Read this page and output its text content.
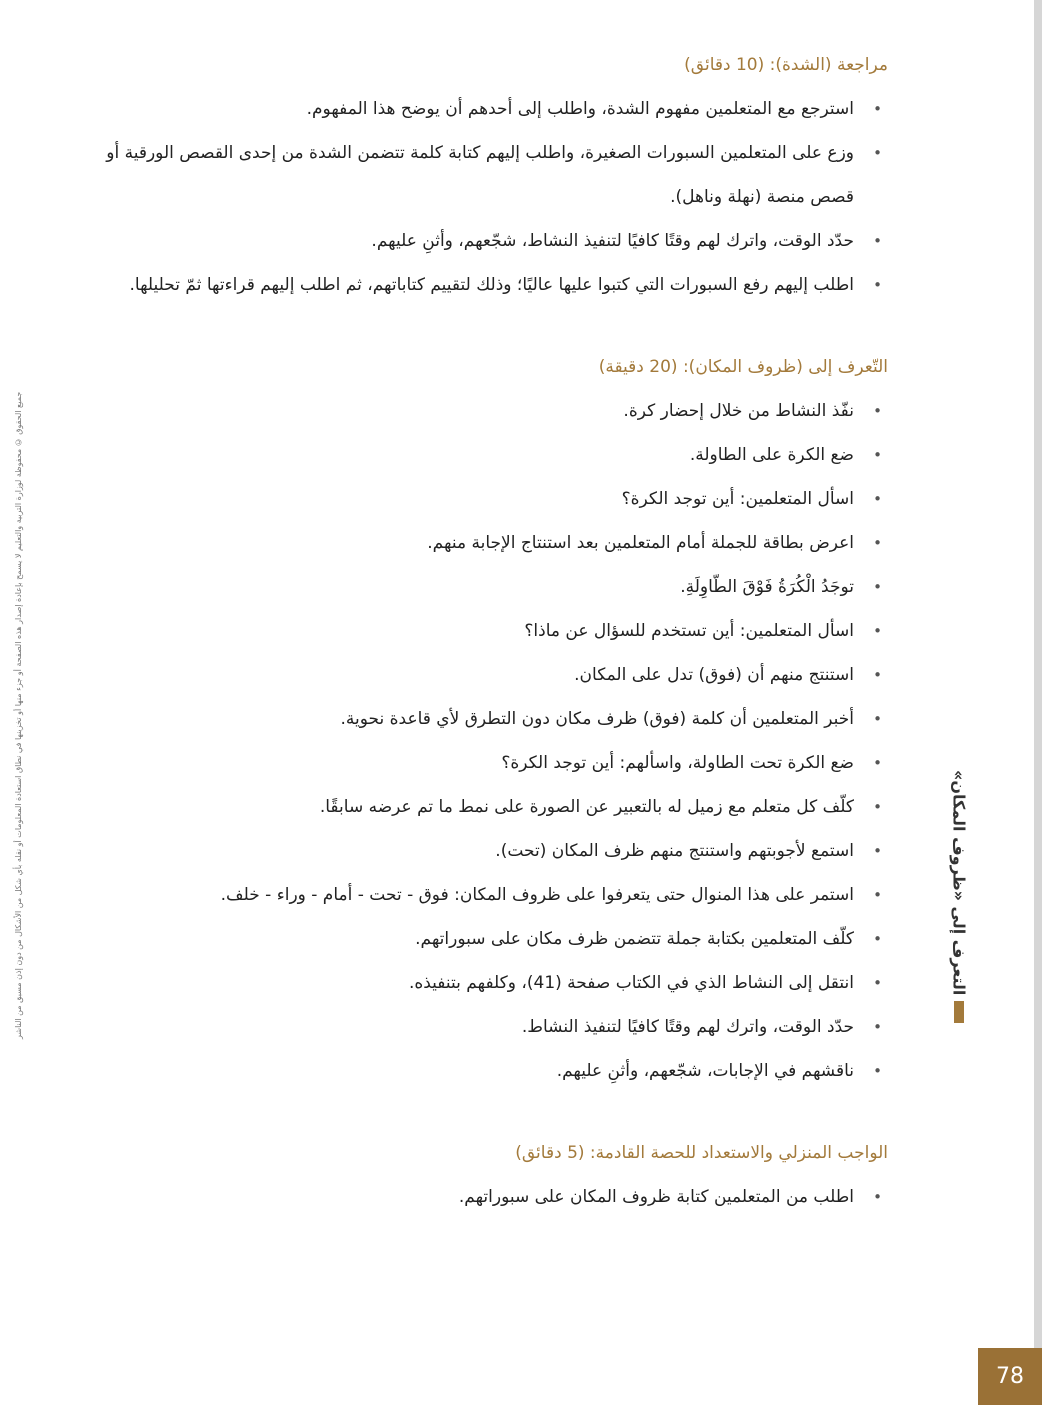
مراجعة (الشدة): (10 دقائق)
• استرجع مع المتعلمين مفهوم الشدة، واطلب إلى أحدهم أن يوضح هذا المفهوم.
• وزع على المتعلمين السبورات الصغيرة، واطلب إليهم كتابة كلمة تتضمن الشدة من إحدى القصص الورقية أو قصص منصة (نهلة وناهل).
• حدّد الوقت، واترك لهم وقتًا كافيًا لتنفيذ النشاط، شجّعهم، وأثنِ عليهم.
• اطلب إليهم رفع السبورات التي كتبوا عليها عاليًا؛ وذلك لتقييم كتاباتهم، ثم اطلب إليهم قراءتها ثمّ تحليلها.
التّعرف إلى (ظروف المكان): (20 دقيقة)
• نفّذ النشاط من خلال إحضار كرة.
• ضع الكرة على الطاولة.
• اسأل المتعلمين: أين توجد الكرة؟
• اعرض بطاقة للجملة أمام المتعلمين بعد استنتاج الإجابة منهم.
• توجَدُ الْكُرَةُ فَوْقَ الطّاوِلَةِ.
• اسأل المتعلمين: أين تستخدم للسؤال عن ماذا؟
• استنتج منهم أن (فوق) تدل على المكان.
• أخبر المتعلمين أن كلمة (فوق) ظرف مكان دون التطرق لأي قاعدة نحوية.
• ضع الكرة تحت الطاولة، واسألهم: أين توجد الكرة؟
• كلّف كل متعلم مع زميل له بالتعبير عن الصورة على نمط ما تم عرضه سابقًا.
• استمع لأجوبتهم واستنتج منهم ظرف المكان (تحت).
• استمر على هذا المنوال حتى يتعرفوا على ظروف المكان: فوق - تحت - أمام - وراء - خلف.
• كلّف المتعلمين بكتابة جملة تتضمن ظرف مكان على سبوراتهم.
• انتقل إلى النشاط الذي في الكتاب صفحة (41)، وكلفهم بتنفيذه.
• حدّد الوقت، واترك لهم وقتًا كافيًا لتنفيذ النشاط.
• ناقشهم في الإجابات، شجّعهم، وأثنِ عليهم.
الواجب المنزلي والاستعداد للحصة القادمة: (5 دقائق)
• اطلب من المتعلمين كتابة ظروف المكان على سبوراتهم.
جميع الحقوق © محفوظة لوزارة التربية والتعليم لا يسمح بإعادة إصدار هذه الصفحة أو جزء منها أو تخزينها في نطاق استعادة المعلومات أو نقله بأي شكل من الأشكال من دون إذن مسبق من الناشر	التعرف إلى «ظروف المكان»
78
